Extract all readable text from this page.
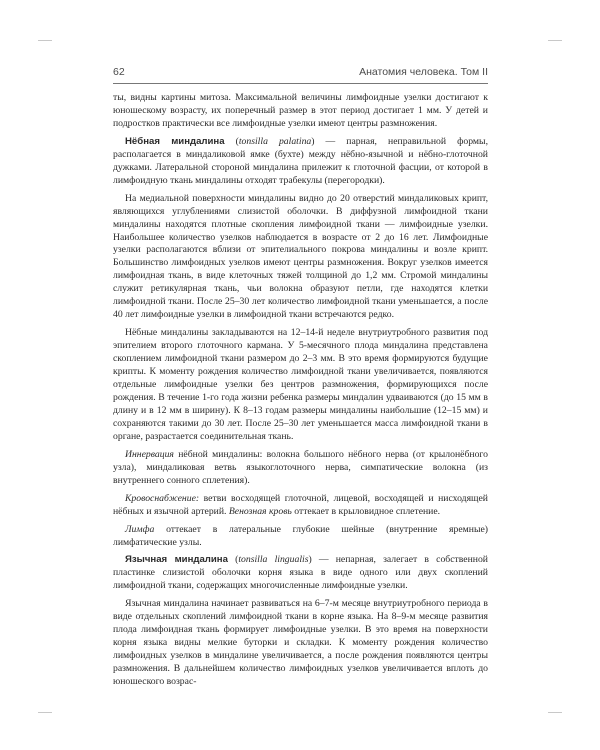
62	Анатомия человека. Том II

ты, видны картины митоза. Максимальной величины лимфоидные узелки достигают к юношескому возрасту, их поперечный размер в этот период достигает 1 мм. У детей и подростков практически все лимфоидные узелки имеют центры размножения.

Нёбная миндалина (tonsilla palatina) — парная, неправильной формы, располагается в миндаликовой ямке (бухте) между нёбно-язычной и нёбно-глоточной дужками. Латеральной стороной миндалина прилежит к глоточной фасции, от которой в лимфоидную ткань миндалины отходят трабекулы (перегородки).

На медиальной поверхности миндалины видно до 20 отверстий миндаликовых крипт, являющихся углублениями слизистой оболочки. В диффузной лимфоидной ткани миндалины находятся плотные скопления лимфоидной ткани — лимфоидные узелки. Наибольшее количество узелков наблюдается в возрасте от 2 до 16 лет. Лимфоидные узелки располагаются вблизи от эпителиального покрова миндалины и возле крипт. Большинство лимфоидных узелков имеют центры размножения. Вокруг узелков имеется лимфоидная ткань, в виде клеточных тяжей толщиной до 1,2 мм. Стромой миндалины служит ретикулярная ткань, чьи волокна образуют петли, где находятся клетки лимфоидной ткани. После 25–30 лет количество лимфоидной ткани уменьшается, а после 40 лет лимфоидные узелки в лимфоидной ткани встречаются редко.

Нёбные миндалины закладываются на 12–14-й неделе внутриутробного развития под эпителием второго глоточного кармана. У 5-месячного плода миндалина представлена скоплением лимфоидной ткани размером до 2–3 мм. В это время формируются будущие крипты. К моменту рождения количество лимфоидной ткани увеличивается, появляются отдельные лимфоидные узелки без центров размножения, формирующихся после рождения. В течение 1-го года жизни ребенка размеры миндалин удваиваются (до 15 мм в длину и в 12 мм в ширину). К 8–13 годам размеры миндалины наибольшие (12–15 мм) и сохраняются такими до 30 лет. После 25–30 лет уменьшается масса лимфоидной ткани в органе, разрастается соединительная ткань.

Иннервация нёбной миндалины: волокна большого нёбного нерва (от крылонёбного узла), миндаликовая ветвь языкоглоточного нерва, симпатические волокна (из внутреннего сонного сплетения).

Кровоснабжение: ветви восходящей глоточной, лицевой, восходящей и нисходящей нёбных и язычной артерий. Венозная кровь оттекает в крыловидное сплетение.

Лимфа оттекает в латеральные глубокие шейные (внутренние яремные) лимфатические узлы.

Язычная миндалина (tonsilla lingualis) — непарная, залегает в собственной пластинке слизистой оболочки корня языка в виде одного или двух скоплений лимфоидной ткани, содержащих многочисленные лимфоидные узелки.

Язычная миндалина начинает развиваться на 6–7-м месяце внутриутробного периода в виде отдельных скоплений лимфоидной ткани в корне языка. На 8–9-м месяце развития плода лимфоидная ткань формирует лимфоидные узелки. В это время на поверхности корня языка видны мелкие буторки и складки. К моменту рождения количество лимфоидных узелков в миндалине увеличивается, а после рождения появляются центры размножения. В дальнейшем количество лимфоидных узелков увеличивается вплоть до юношеского возрас-
